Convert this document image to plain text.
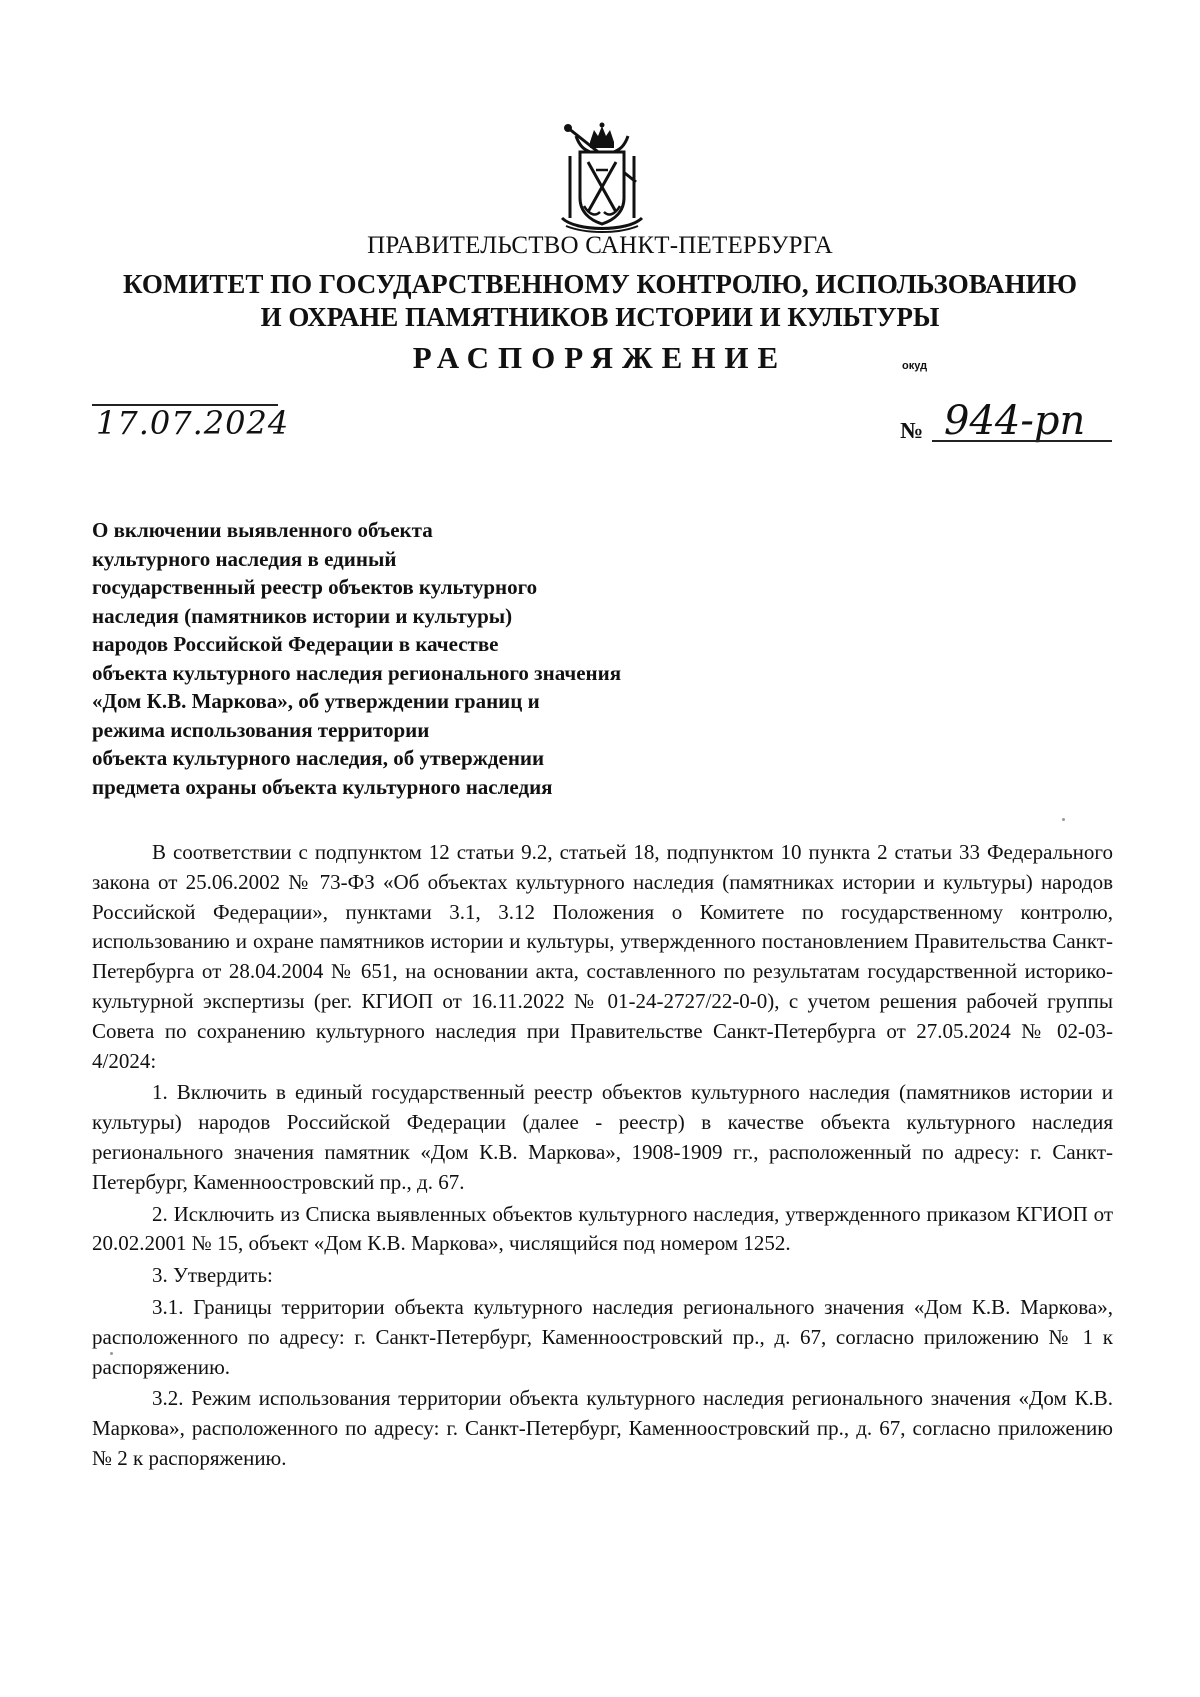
ПРАВИТЕЛЬСТВО САНКТ-ПЕТЕРБУРГА
КОМИТЕТ ПО ГОСУДАРСТВЕННОМУ КОНТРОЛЮ, ИСПОЛЬЗОВАНИЮ
И ОХРАНЕ ПАМЯТНИКОВ ИСТОРИИ И КУЛЬТУРЫ
РАСПОРЯЖЕНИЕ	окуд
17.07.2024	№ 944-рп
О включении выявленного объекта
культурного наследия в единый
государственный реестр объектов культурного
наследия (памятников истории и культуры)
народов Российской Федерации в качестве
объекта культурного наследия регионального значения
«Дом К.В. Маркова», об утверждении границ и
режима использования территории
объекта культурного наследия, об утверждении
предмета охраны объекта культурного наследия

В соответствии с подпунктом 12 статьи 9.2, статьей 18, подпунктом 10 пункта 2 статьи 33 Федерального закона от 25.06.2002 № 73-ФЗ «Об объектах культурного наследия (памятниках истории и культуры) народов Российской Федерации», пунктами 3.1, 3.12 Положения о Комитете по государственному контролю, использованию и охране памятников истории и культуры, утвержденного постановлением Правительства Санкт-Петербурга от 28.04.2004 № 651, на основании акта, составленного по результатам государственной историко-культурной экспертизы (рег. КГИОП от 16.11.2022 № 01-24-2727/22-0-0), с учетом решения рабочей группы Совета по сохранению культурного наследия при Правительстве Санкт-Петербурга от 27.05.2024 № 02-03-4/2024:

1. Включить в единый государственный реестр объектов культурного наследия (памятников истории и культуры) народов Российской Федерации (далее - реестр) в качестве объекта культурного наследия регионального значения памятник «Дом К.В. Маркова», 1908-1909 гг., расположенный по адресу: г. Санкт-Петербург, Каменноостровский пр., д. 67.

2. Исключить из Списка выявленных объектов культурного наследия, утвержденного приказом КГИОП от 20.02.2001 № 15, объект «Дом К.В. Маркова», числящийся под номером 1252.

3. Утвердить:

3.1. Границы территории объекта культурного наследия регионального значения «Дом К.В. Маркова», расположенного по адресу: г. Санкт-Петербург, Каменноостровский пр., д. 67, согласно приложению № 1 к распоряжению.

3.2. Режим использования территории объекта культурного наследия регионального значения «Дом К.В. Маркова», расположенного по адресу: г. Санкт-Петербург, Каменноостровский пр., д. 67, согласно приложению № 2 к распоряжению.
